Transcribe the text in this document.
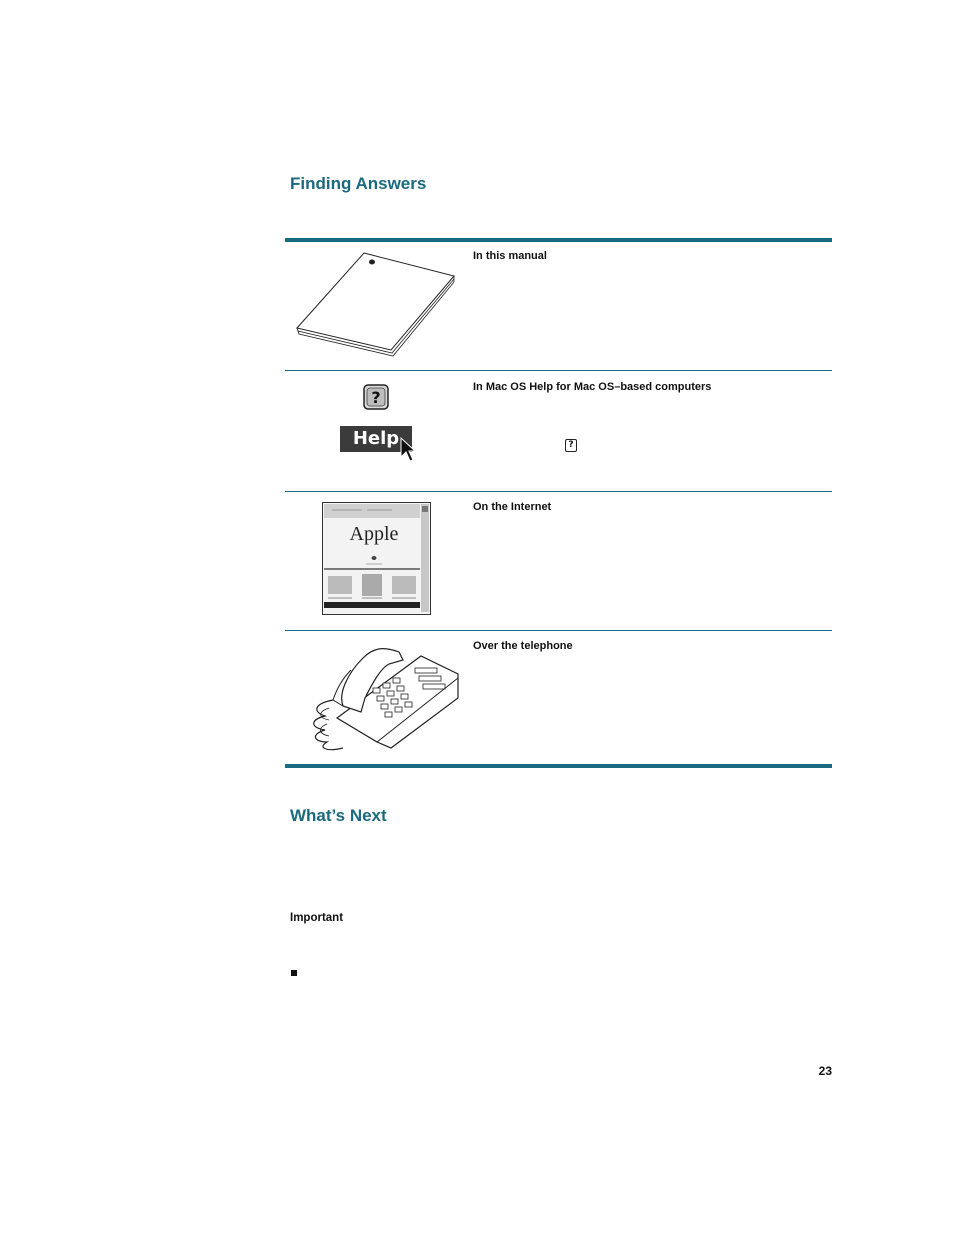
Finding Answers

In this manual

?
Help

In Mac OS Help for Mac OS–based computers

?
Apple

On the Internet

Over the telephone

What’s Next

Important

23
